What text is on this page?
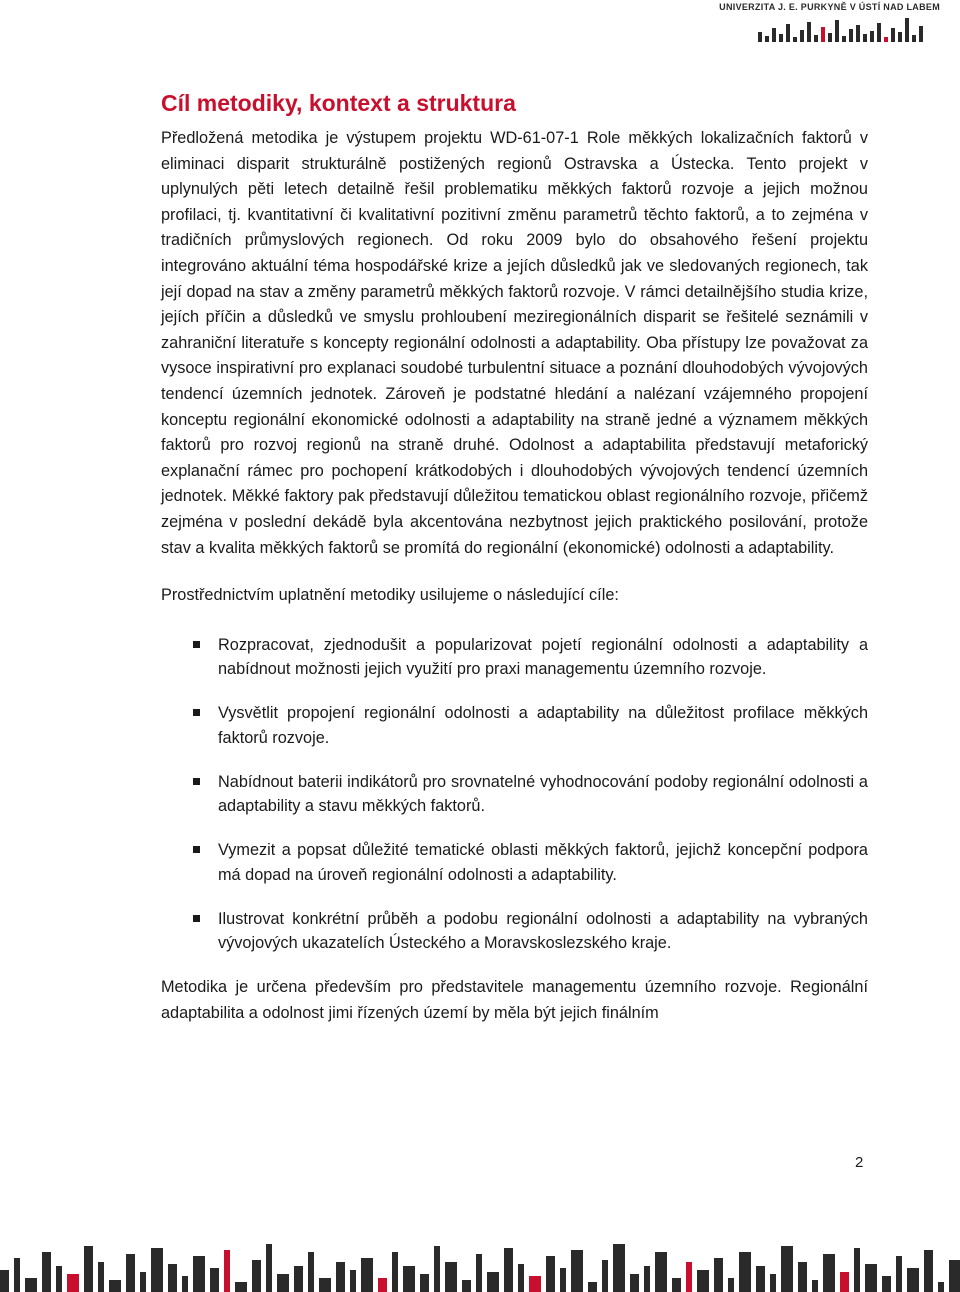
UNIVERZITA J. E. PURKYNĚ V ÚSTÍ NAD LABEM
Cíl metodiky, kontext a struktura

Předložená metodika je výstupem projektu WD-61-07-1 Role měkkých lokalizačních faktorů v eliminaci disparit strukturálně postižených regionů Ostravska a Ústecka. Tento projekt v uplynulých pěti letech detailně řešil problematiku měkkých faktorů rozvoje a jejich možnou profilaci, tj. kvantitativní či kvalitativní pozitivní změnu parametrů těchto faktorů, a to zejména v tradičních průmyslových regionech. Od roku 2009 bylo do obsahového řešení projektu integrováno aktuální téma hospodářské krize a jejích důsledků jak ve sledovaných regionech, tak její dopad na stav a změny parametrů měkkých faktorů rozvoje. V rámci detailnějšího studia krize, jejích příčin a důsledků ve smyslu prohloubení meziregionálních disparit se řešitelé seznámili v zahraniční literatuře s koncepty regionální odolnosti a adaptability. Oba přístupy lze považovat za vysoce inspirativní pro explanaci soudobé turbulentní situace a poznání dlouhodobých vývojových tendencí územních jednotek. Zároveň je podstatné hledání a nalézaní vzájemného propojení konceptu regionální ekonomické odolnosti a adaptability na straně jedné a významem měkkých faktorů pro rozvoj regionů na straně druhé. Odolnost a adaptabilita představují metaforický explanační rámec pro pochopení krátkodobých i dlouhodobých vývojových tendencí územních jednotek. Měkké faktory pak představují důležitou tematickou oblast regionálního rozvoje, přičemž zejména v poslední dekádě byla akcentována nezbytnost jejich praktického posilování, protože stav a kvalita měkkých faktorů se promítá do regionální (ekonomické) odolnosti a adaptability.

Prostřednictvím uplatnění metodiky usilujeme o následující cíle:

Rozpracovat, zjednodušit a popularizovat pojetí regionální odolnosti a adaptability a nabídnout možnosti jejich využití pro praxi managementu územního rozvoje.
Vysvětlit propojení regionální odolnosti a adaptability na důležitost profilace měkkých faktorů rozvoje.
Nabídnout baterii indikátorů pro srovnatelné vyhodnocování podoby regionální odolnosti a adaptability a stavu měkkých faktorů.
Vymezit a popsat důležité tematické oblasti měkkých faktorů, jejichž koncepční podpora má dopad na úroveň regionální odolnosti a adaptability.
Ilustrovat konkrétní průběh a podobu regionální odolnosti a adaptability na vybraných vývojových ukazatelích Ústeckého a Moravskoslezského kraje.

Metodika je určena především pro představitele managementu územního rozvoje. Regionální adaptabilita a odolnost jimi řízených území by měla být jejich finálním

2
